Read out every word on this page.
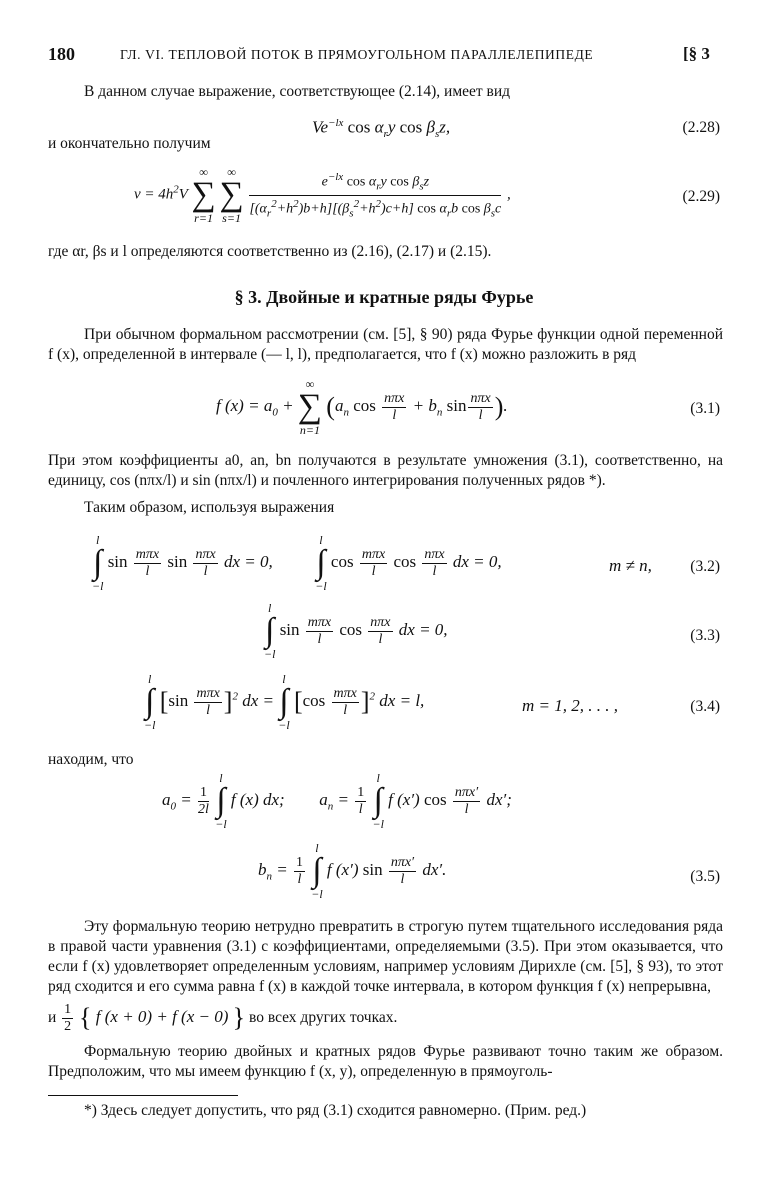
180	ГЛ. VI. ТЕПЛОВОЙ ПОТОК В ПРЯМОУГОЛЬНОМ ПАРАЛЛЕЛЕПИПЕДЕ	[§ 3
В данном случае выражение, соответствующее (2.14), имеет вид
$Ve^{-lx}$ $\cos \alpha_ry$ $\cos \beta_sz$,	(2.28)
и окончательно получим
$v = 4h^2V$
∞
∑
r=1

∞
∑
s=1
$\frac{e^{-lx} \cos \alpha_ry \cos \beta_sz}{[(\alpha_r^2+h^2)b+h][(\beta_s^2+h^2)c+h] \cos \alpha_rb \cos \beta_sc}$ ,	(2.29)
где αr, βs и l определяются соответственно из (2.16), (2.17) и (2.15).
§ 3. Двойные и кратные ряды Фурье
При обычном формальном рассмотрении (см. [5], § 90) ряда Фурье функции одной переменной f (x), определенной в интервале (— l, l), предполагается, что f (x) можно разложить в ряд
f $(x) = a_0$ +
∞
∑
n=1
($a_n$ $\cos \frac{\text{nπx}}{l} + b_n$ $\sin \frac{\text{nπx}}{l}$ ).	(3.1)
При этом коэффициенты a0, an, bn получаются в результате умножения (3.1), соответственно, на единицу, cos (nπx/l) и sin (nπx/l) и почленного интегрирования полученных рядов *).
Таким образом, используя выражения
l
∫
−l
$\sin \frac{\text{mπx}}{l}$ $\sin \frac{\text{nπx}}{l}$ dx = 0,
l
∫
−l
$\cos \frac{\text{mπx}}{l}$ $\cos \frac{\text{nπx}}{l}$ dx = 0,	m ≠ n, (3.2)
l
∫
−l
$\sin \frac{\text{mπx}}{l}$ $\cos \frac{\text{nπx}}{l}$ dx = 0,	(3.3)
l
∫
−l
$[\sin \frac{\text{mπx}}{l} ]^2$ dx =
l
∫
−l
$[\cos \frac{\text{mπx}}{l} ]^2$ dx = l,	m = 1, 2, . . . ,	(3.4)
находим, что
$a_0 = \frac{1}{2l}$

l
∫
−l
f (x) dx;  $a_n = \frac{1}{l}$

l
∫
−l
f (x′) $\cos \frac{\text{nπx′}}{l} dx'$;
$b_n = \frac{1}{l}$

l
∫
−l
f (x′) $\sin \frac{\text{nπx′}}{l} dx'$.	(3.5)
Эту формальную теорию нетрудно превратить в строгую путем тщательного исследования ряда в правой части уравнения (3.1) с коэффициентами, определяемыми (3.5). При этом оказывается, что если f (x) удовлетворяет определенным условиям, например условиям Дирихле (см. [5], § 93), то этот ряд сходится и его сумма равна f (x) в каждой точке интервала, в котором функция f (x) непрерывна,
и $\frac{1}{2}$ { f (x + 0) + f (x − 0) } во всех других точках.
Формальную теорию двойных и кратных рядов Фурье развивают точно таким же образом. Предположим, что мы имеем функцию f (x, y), определенную в прямоуголь-
*) Здесь следует допустить, что ряд (3.1) сходится равномерно. (Прим. ред.)
